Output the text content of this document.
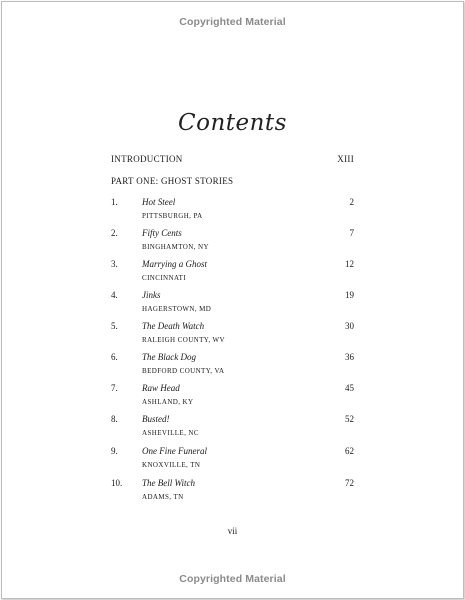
Copyrighted Material
Contents
INTRODUCTION	XIII
PART ONE: GHOST STORIES
1.	Hot Steel	2
PITTSBURGH, PA
2.	Fifty Cents	7
BINGHAMTON, NY
3.	Marrying a Ghost	12
CINCINNATI
4.	Jinks	19
HAGERSTOWN, MD
5.	The Death Watch	30
RALEIGH COUNTY, WV
6.	The Black Dog	36
BEDFORD COUNTY, VA
7.	Raw Head	45
ASHLAND, KY
8.	Busted!	52
ASHEVILLE, NC
9.	One Fine Funeral	62
KNOXVILLE, TN
10. The Bell Witch	72
ADAMS, TN
vii
Copyrighted Material
